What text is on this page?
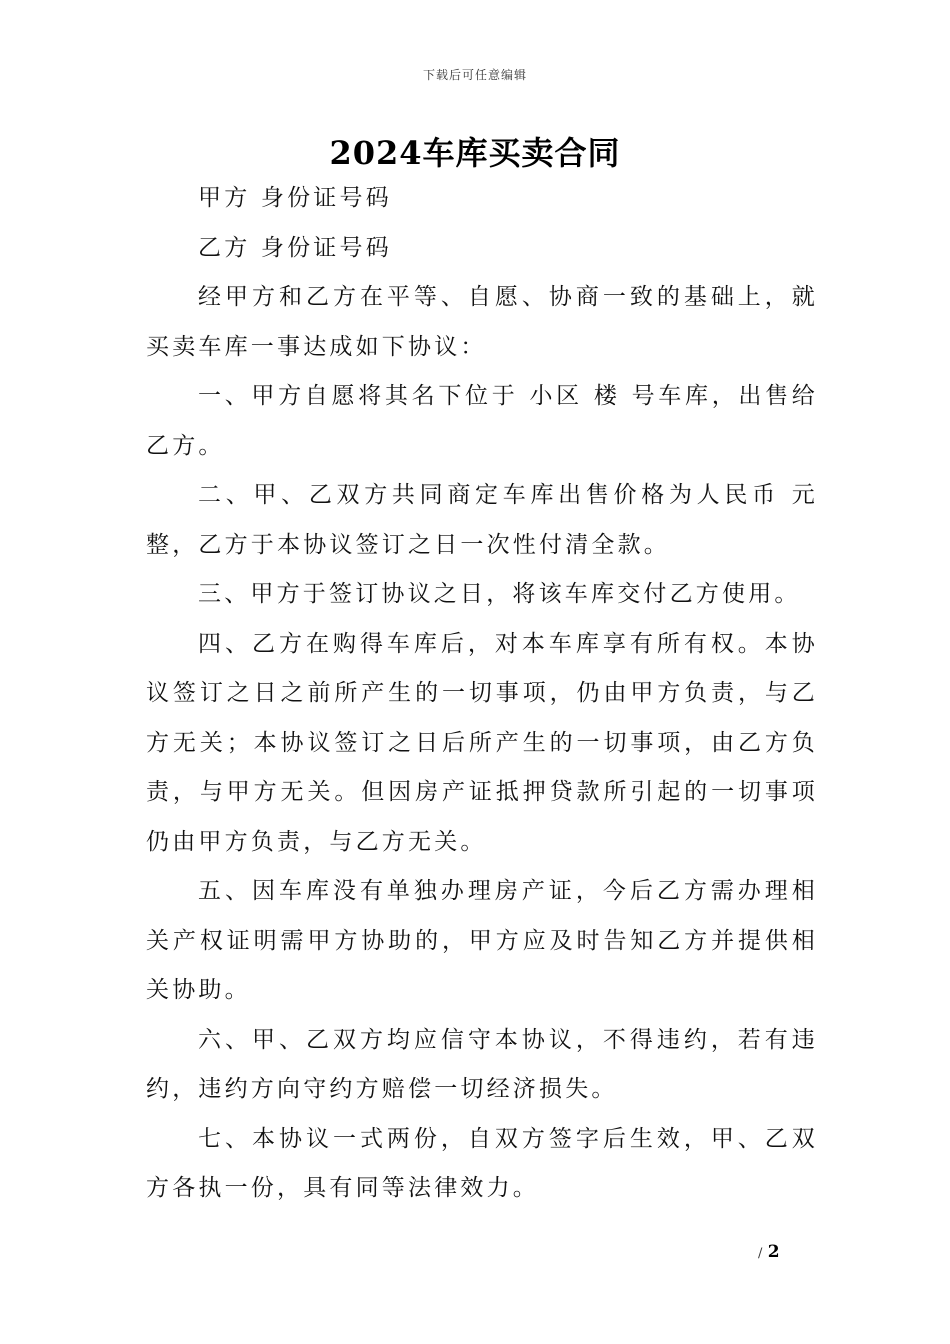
下载后可任意编辑
2024车库买卖合同

甲方 身份证号码

乙方 身份证号码

经甲方和乙方在平等、自愿、协商一致的基础上，就买卖车库一事达成如下协议：

一、甲方自愿将其名下位于 小区 楼 号车库，出售给乙方。

二、甲、乙双方共同商定车库出售价格为人民币 元整，乙方于本协议签订之日一次性付清全款。

三、甲方于签订协议之日，将该车库交付乙方使用。

四、乙方在购得车库后，对本车库享有所有权。本协议签订之日之前所产生的一切事项，仍由甲方负责，与乙方无关；本协议签订之日后所产生的一切事项，由乙方负责，与甲方无关。但因房产证抵押贷款所引起的一切事项仍由甲方负责，与乙方无关。

五、因车库没有单独办理房产证，今后乙方需办理相关产权证明需甲方协助的，甲方应及时告知乙方并提供相关协助。

六、甲、乙双方均应信守本协议，不得违约，若有违约，违约方向守约方赔偿一切经济损失。

七、本协议一式两份，自双方签字后生效，甲、乙双方各执一份，具有同等法律效力。

/ 2
